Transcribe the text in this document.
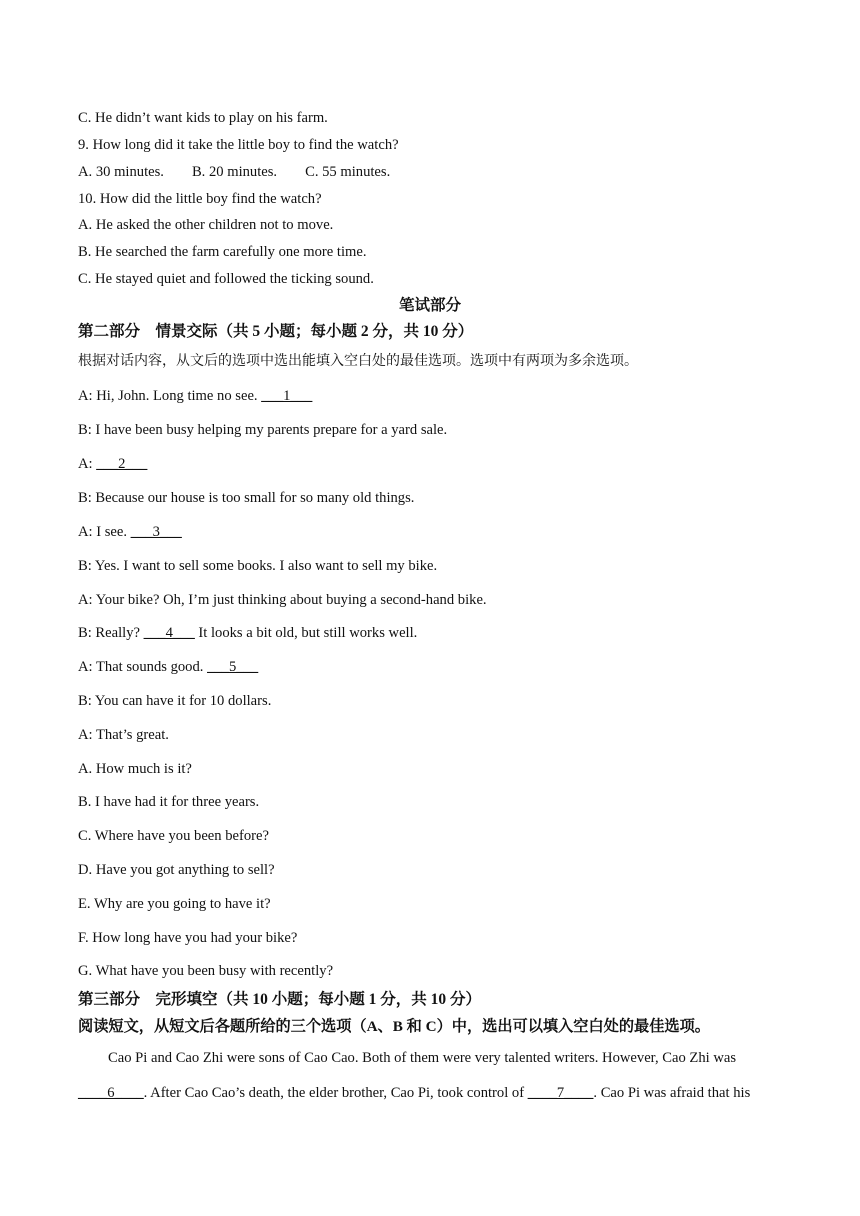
C. He didn’t want kids to play on his farm.
9. How long did it take the little boy to find the watch?
A. 30 minutes. B. 20 minutes. C. 55 minutes.
10. How did the little boy find the watch?
A. He asked the other children not to move.
B. He searched the farm carefully one more time.
C. He stayed quiet and followed the ticking sound.
笔试部分
第二部分　情景交际（共 5 小题；每小题 2 分，共 10 分）
根据对话内容，从文后的选项中选出能填入空白处的最佳选项。选项中有两项为多余选项。
A: Hi, John. Long time no see. ___1___
B: I have been busy helping my parents prepare for a yard sale.
A: ___2___
B: Because our house is too small for so many old things.
A: I see. ___3___
B: Yes. I want to sell some books. I also want to sell my bike.
A: Your bike? Oh, I’m just thinking about buying a second-hand bike.
B: Really? ___4___ It looks a bit old, but still works well.
A: That sounds good. ___5___
B: You can have it for 10 dollars.
A: That’s great.
A. How much is it?
B. I have had it for three years.
C. Where have you been before?
D. Have you got anything to sell?
E. Why are you going to have it?
F. How long have you had your bike?
G. What have you been busy with recently?
第三部分　完形填空（共 10 小题；每小题 1 分，共 10 分）
阅读短文，从短文后各题所给的三个选项（A、B 和 C）中，选出可以填入空白处的最佳选项。
Cao Pi and Cao Zhi were sons of Cao Cao. Both of them were very talented writers. However, Cao Zhi was
____6____. After Cao Cao’s death, the elder brother, Cao Pi, took control of ____7____. Cao Pi was afraid that his
